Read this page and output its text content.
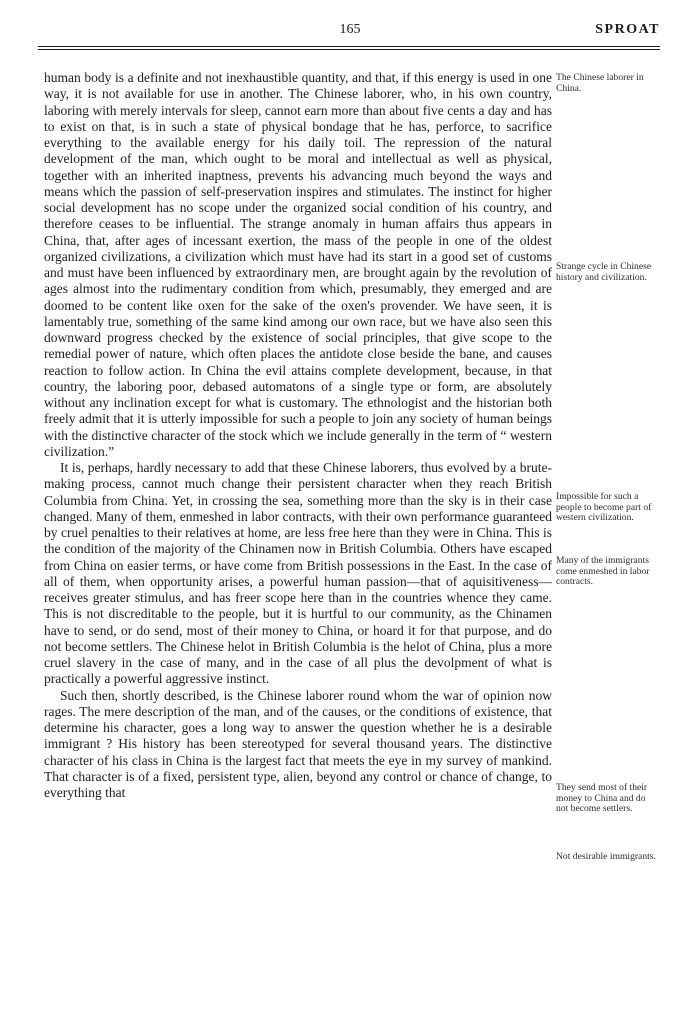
165	SPROAT

human body is a definite and not inexhaustible quantity, and that, if this energy is used in one way, it is not available for use in another. The Chinese laborer, who, in his own country, laboring with merely intervals for sleep, cannot earn more than about five cents a day and has to exist on that, is in such a state of physical bondage that he has, perforce, to sacrifice everything to the available energy for his daily toil. The repression of the natural development of the man, which ought to be moral and intellectual as well as physical, together with an inherited inaptness, prevents his advancing much beyond the ways and means which the passion of self-preservation inspires and stimulates. The instinct for higher social development has no scope under the organized social condition of his country, and therefore ceases to be influential. The strange anomaly in human affairs thus appears in China, that, after ages of incessant exertion, the mass of the people in one of the oldest organized civilizations, a civilization which must have had its start in a good set of customs and must have been influenced by extraordinary men, are brought again by the revolution of ages almost into the rudimentary condition from which, presumably, they emerged and are doomed to be content like oxen for the sake of the oxen's provender. We have seen, it is lamentably true, something of the same kind among our own race, but we have also seen this downward progress checked by the existence of social principles, that give scope to the remedial power of nature, which often places the antidote close beside the bane, and causes reaction to follow action. In China the evil attains complete development, because, in that country, the laboring poor, debased automatons of a single type or form, are absolutely without any inclination except for what is customary. The ethnologist and the historian both freely admit that it is utterly impossible for such a people to join any society of human beings with the distinctive character of the stock which we include generally in the term of “ western civilization.”

It is, perhaps, hardly necessary to add that these Chinese laborers, thus evolved by a brute-making process, cannot much change their persistent character when they reach British Columbia from China. Yet, in crossing the sea, something more than the sky is in their case changed. Many of them, enmeshed in labor contracts, with their own performance guaranteed by cruel penalties to their relatives at home, are less free here than they were in China. This is the condition of the majority of the Chinamen now in British Columbia. Others have escaped from China on easier terms, or have come from British possessions in the East. In the case of all of them, when opportunity arises, a powerful human passion—that of aquisitiveness—receives greater stimulus, and has freer scope here than in the countries whence they came. This is not discreditable to the people, but it is hurtful to our community, as the Chinamen have to send, or do send, most of their money to China, or hoard it for that purpose, and do not become settlers. The Chinese helot in British Columbia is the helot of China, plus a more cruel slavery in the case of many, and in the case of all plus the devolpment of what is practically a powerful aggressive instinct.

Such then, shortly described, is the Chinese laborer round whom the war of opinion now rages. The mere description of the man, and of the causes, or the conditions of existence, that determine his character, goes a long way to answer the question whether he is a desirable immigrant ? His history has been stereotyped for several thousand years. The distinctive character of his class in China is the largest fact that meets the eye in my survey of mankind. That character is of a fixed, persistent type, alien, beyond any control or chance of change, to everything that

The Chinese laborer in China.
Strange cycle in Chinese history and civilization.
Impossible for such a people to become part of western civilization.
Many of the immigrants come enmeshed in labor contracts.
They send most of their money to China and do not become settlers.
Not desirable immigrants.
